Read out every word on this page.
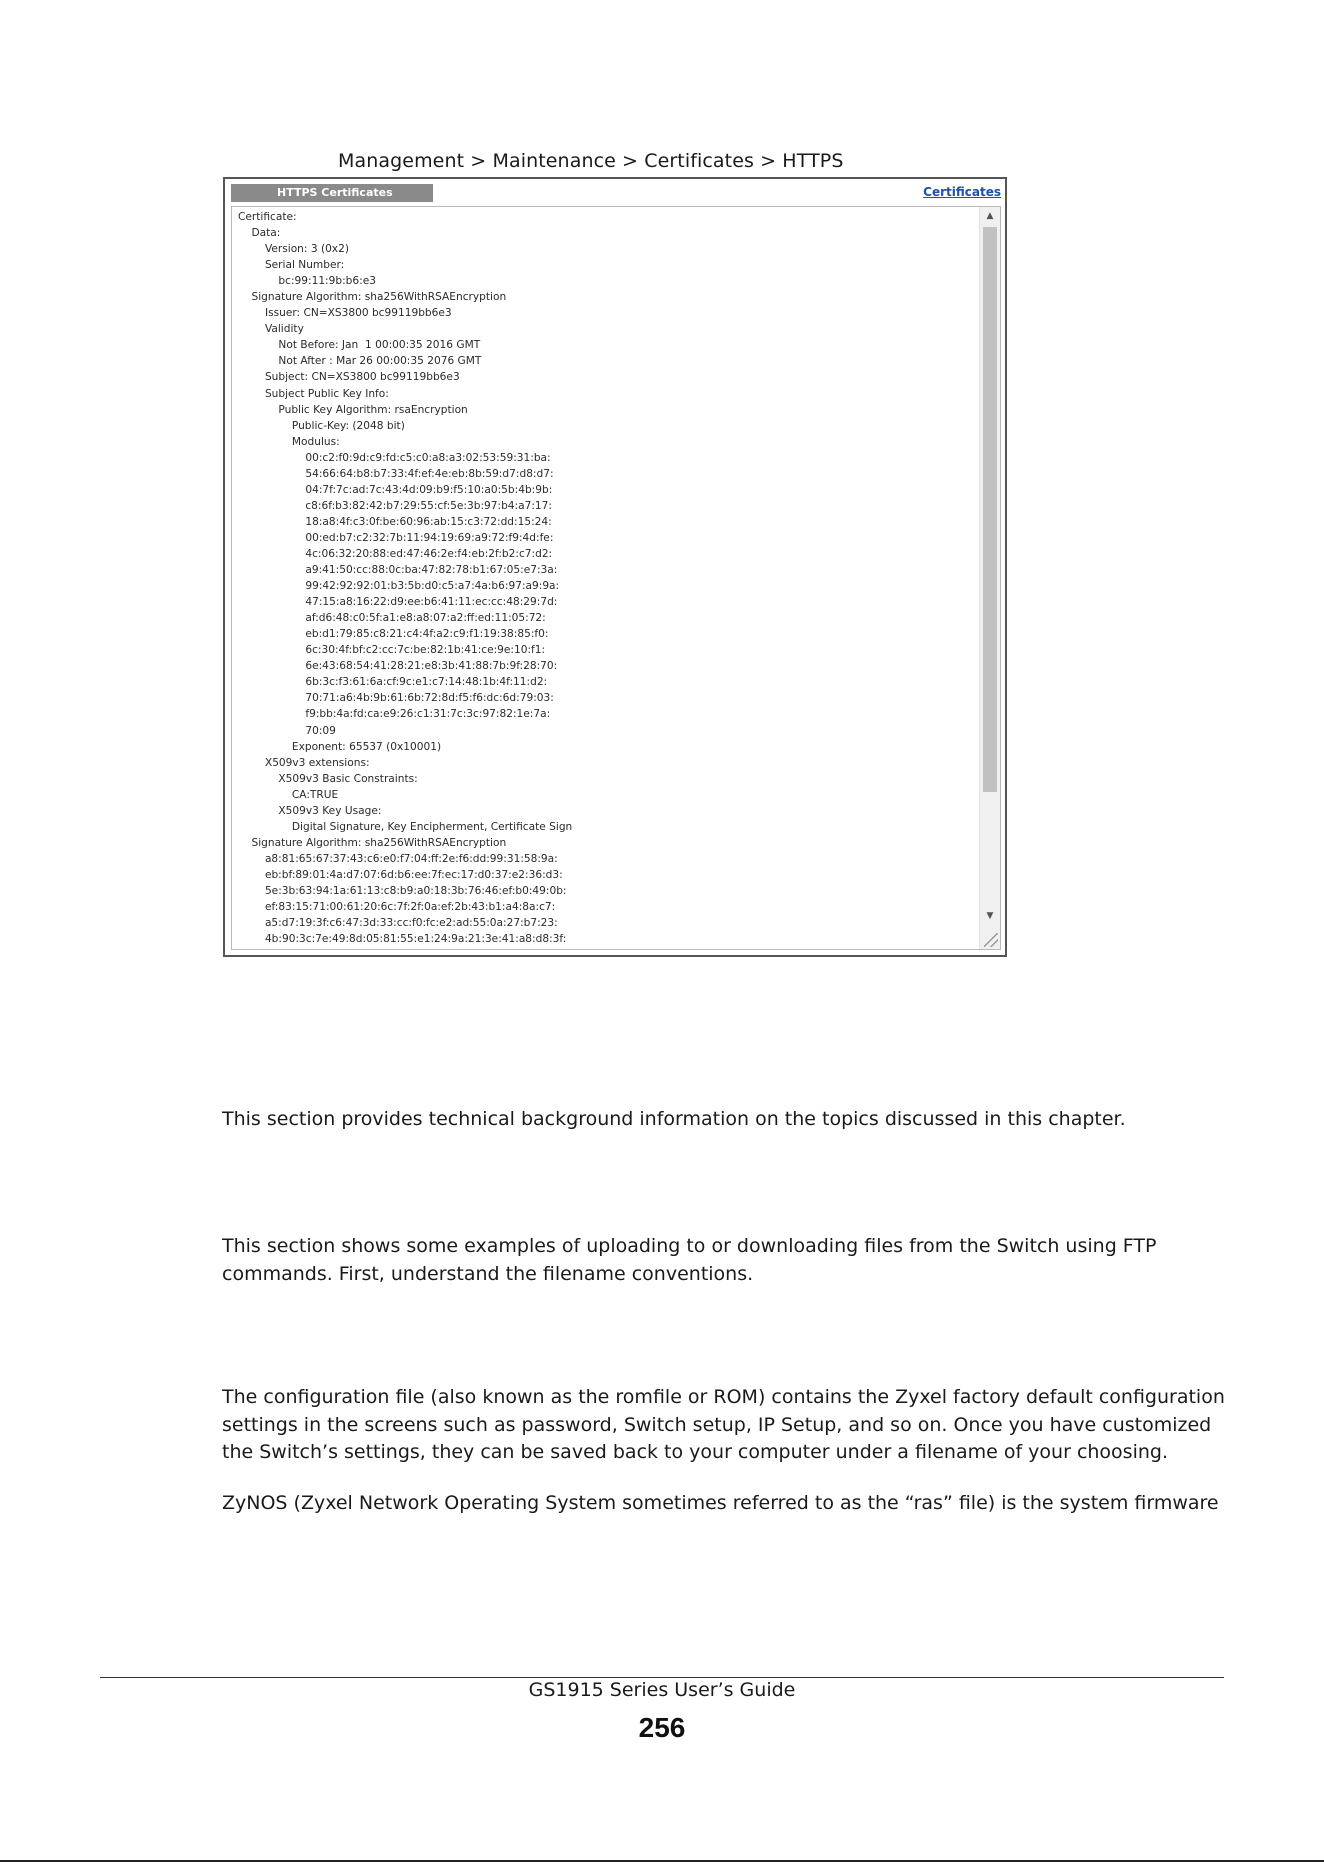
Management > Maintenance > Certificates > HTTPS
HTTPS Certificates	Certificates
Certificate:
Data:
Version: 3 (0x2)
Serial Number:
bc:99:11:9b:b6:e3
Signature Algorithm: sha256WithRSAEncryption
Issuer: CN=XS3800 bc99119bb6e3
Validity
Not Before: Jan  1 00:00:35 2016 GMT
Not After : Mar 26 00:00:35 2076 GMT
Subject: CN=XS3800 bc99119bb6e3
Subject Public Key Info:
Public Key Algorithm: rsaEncryption
Public-Key: (2048 bit)
Modulus:
00:c2:f0:9d:c9:fd:c5:c0:a8:a3:02:53:59:31:ba:
54:66:64:b8:b7:33:4f:ef:4e:eb:8b:59:d7:d8:d7:
04:7f:7c:ad:7c:43:4d:09:b9:f5:10:a0:5b:4b:9b:
c8:6f:b3:82:42:b7:29:55:cf:5e:3b:97:b4:a7:17:
18:a8:4f:c3:0f:be:60:96:ab:15:c3:72:dd:15:24:
00:ed:b7:c2:32:7b:11:94:19:69:a9:72:f9:4d:fe:
4c:06:32:20:88:ed:47:46:2e:f4:eb:2f:b2:c7:d2:
a9:41:50:cc:88:0c:ba:47:82:78:b1:67:05:e7:3a:
99:42:92:92:01:b3:5b:d0:c5:a7:4a:b6:97:a9:9a:
47:15:a8:16:22:d9:ee:b6:41:11:ec:cc:48:29:7d:
af:d6:48:c0:5f:a1:e8:a8:07:a2:ff:ed:11:05:72:
eb:d1:79:85:c8:21:c4:4f:a2:c9:f1:19:38:85:f0:
6c:30:4f:bf:c2:cc:7c:be:82:1b:41:ce:9e:10:f1:
6e:43:68:54:41:28:21:e8:3b:41:88:7b:9f:28:70:
6b:3c:f3:61:6a:cf:9c:e1:c7:14:48:1b:4f:11:d2:
70:71:a6:4b:9b:61:6b:72:8d:f5:f6:dc:6d:79:03:
f9:bb:4a:fd:ca:e9:26:c1:31:7c:3c:97:82:1e:7a:
70:09
Exponent: 65537 (0x10001)
X509v3 extensions:
X509v3 Basic Constraints:
CA:TRUE
X509v3 Key Usage:
Digital Signature, Key Encipherment, Certificate Sign
Signature Algorithm: sha256WithRSAEncryption
a8:81:65:67:37:43:c6:e0:f7:04:ff:2e:f6:dd:99:31:58:9a:
eb:bf:89:01:4a:d7:07:6d:b6:ee:7f:ec:17:d0:37:e2:36:d3:
5e:3b:63:94:1a:61:13:c8:b9:a0:18:3b:76:46:ef:b0:49:0b:
ef:83:15:71:00:61:20:6c:7f:2f:0a:ef:2b:43:b1:a4:8a:c7:
a5:d7:19:3f:c6:47:3d:33:cc:f0:fc:e2:ad:55:0a:27:b7:23:
4b:90:3c:7e:49:8d:05:81:55:e1:24:9a:21:3e:41:a8:d8:3f:
▲
▼

This section provides technical background information on the topics discussed in this chapter.

This section shows some examples of uploading to or downloading files from the Switch using FTP commands. First, understand the filename conventions.

The configuration file (also known as the romfile or ROM) contains the Zyxel factory default configuration settings in the screens such as password, Switch setup, IP Setup, and so on. Once you have customized the Switch’s settings, they can be saved back to your computer under a filename of your choosing.

ZyNOS (Zyxel Network Operating System sometimes referred to as the “ras” file) is the system firmware

GS1915 Series User’s Guide
256
